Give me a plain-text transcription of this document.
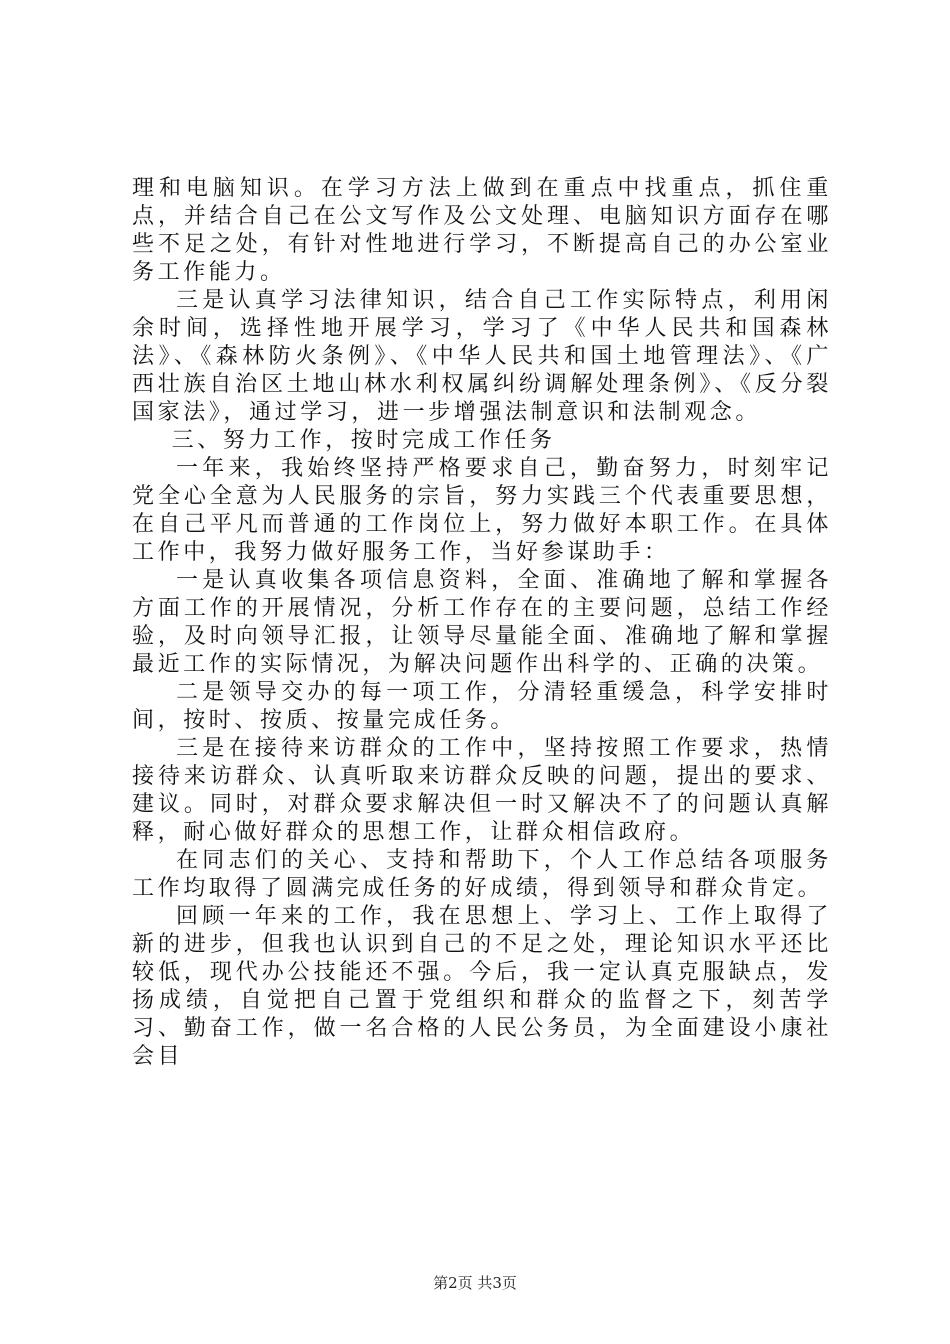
理和电脑知识。在学习方法上做到在重点中找重点，抓住重点，并结合自己在公文写作及公文处理、电脑知识方面存在哪些不足之处，有针对性地进行学习，不断提高自己的办公室业务工作能力。

三是认真学习法律知识，结合自己工作实际特点，利用闲余时间，选择性地开展学习，学习了《中华人民共和国森林法》、《森林防火条例》、《中华人民共和国土地管理法》、《广西壮族自治区土地山林水利权属纠纷调解处理条例》、《反分裂国家法》，通过学习，进一步增强法制意识和法制观念。

三、努力工作，按时完成工作任务

一年来，我始终坚持严格要求自己，勤奋努力，时刻牢记党全心全意为人民服务的宗旨，努力实践三个代表重要思想，在自己平凡而普通的工作岗位上，努力做好本职工作。在具体工作中，我努力做好服务工作，当好参谋助手：

一是认真收集各项信息资料，全面、准确地了解和掌握各方面工作的开展情况，分析工作存在的主要问题，总结工作经验，及时向领导汇报，让领导尽量能全面、准确地了解和掌握最近工作的实际情况，为解决问题作出科学的、正确的决策。

二是领导交办的每一项工作，分清轻重缓急，科学安排时间，按时、按质、按量完成任务。

三是在接待来访群众的工作中，坚持按照工作要求，热情接待来访群众、认真听取来访群众反映的问题，提出的要求、建议。同时，对群众要求解决但一时又解决不了的问题认真解释，耐心做好群众的思想工作，让群众相信政府。

在同志们的关心、支持和帮助下，个人工作总结各项服务工作均取得了圆满完成任务的好成绩，得到领导和群众肯定。

回顾一年来的工作，我在思想上、学习上、工作上取得了新的进步，但我也认识到自己的不足之处，理论知识水平还比较低，现代办公技能还不强。今后，我一定认真克服缺点，发扬成绩，自觉把自己置于党组织和群众的监督之下，刻苦学习、勤奋工作，做一名合格的人民公务员，为全面建设小康社会目

第2页 共3页
